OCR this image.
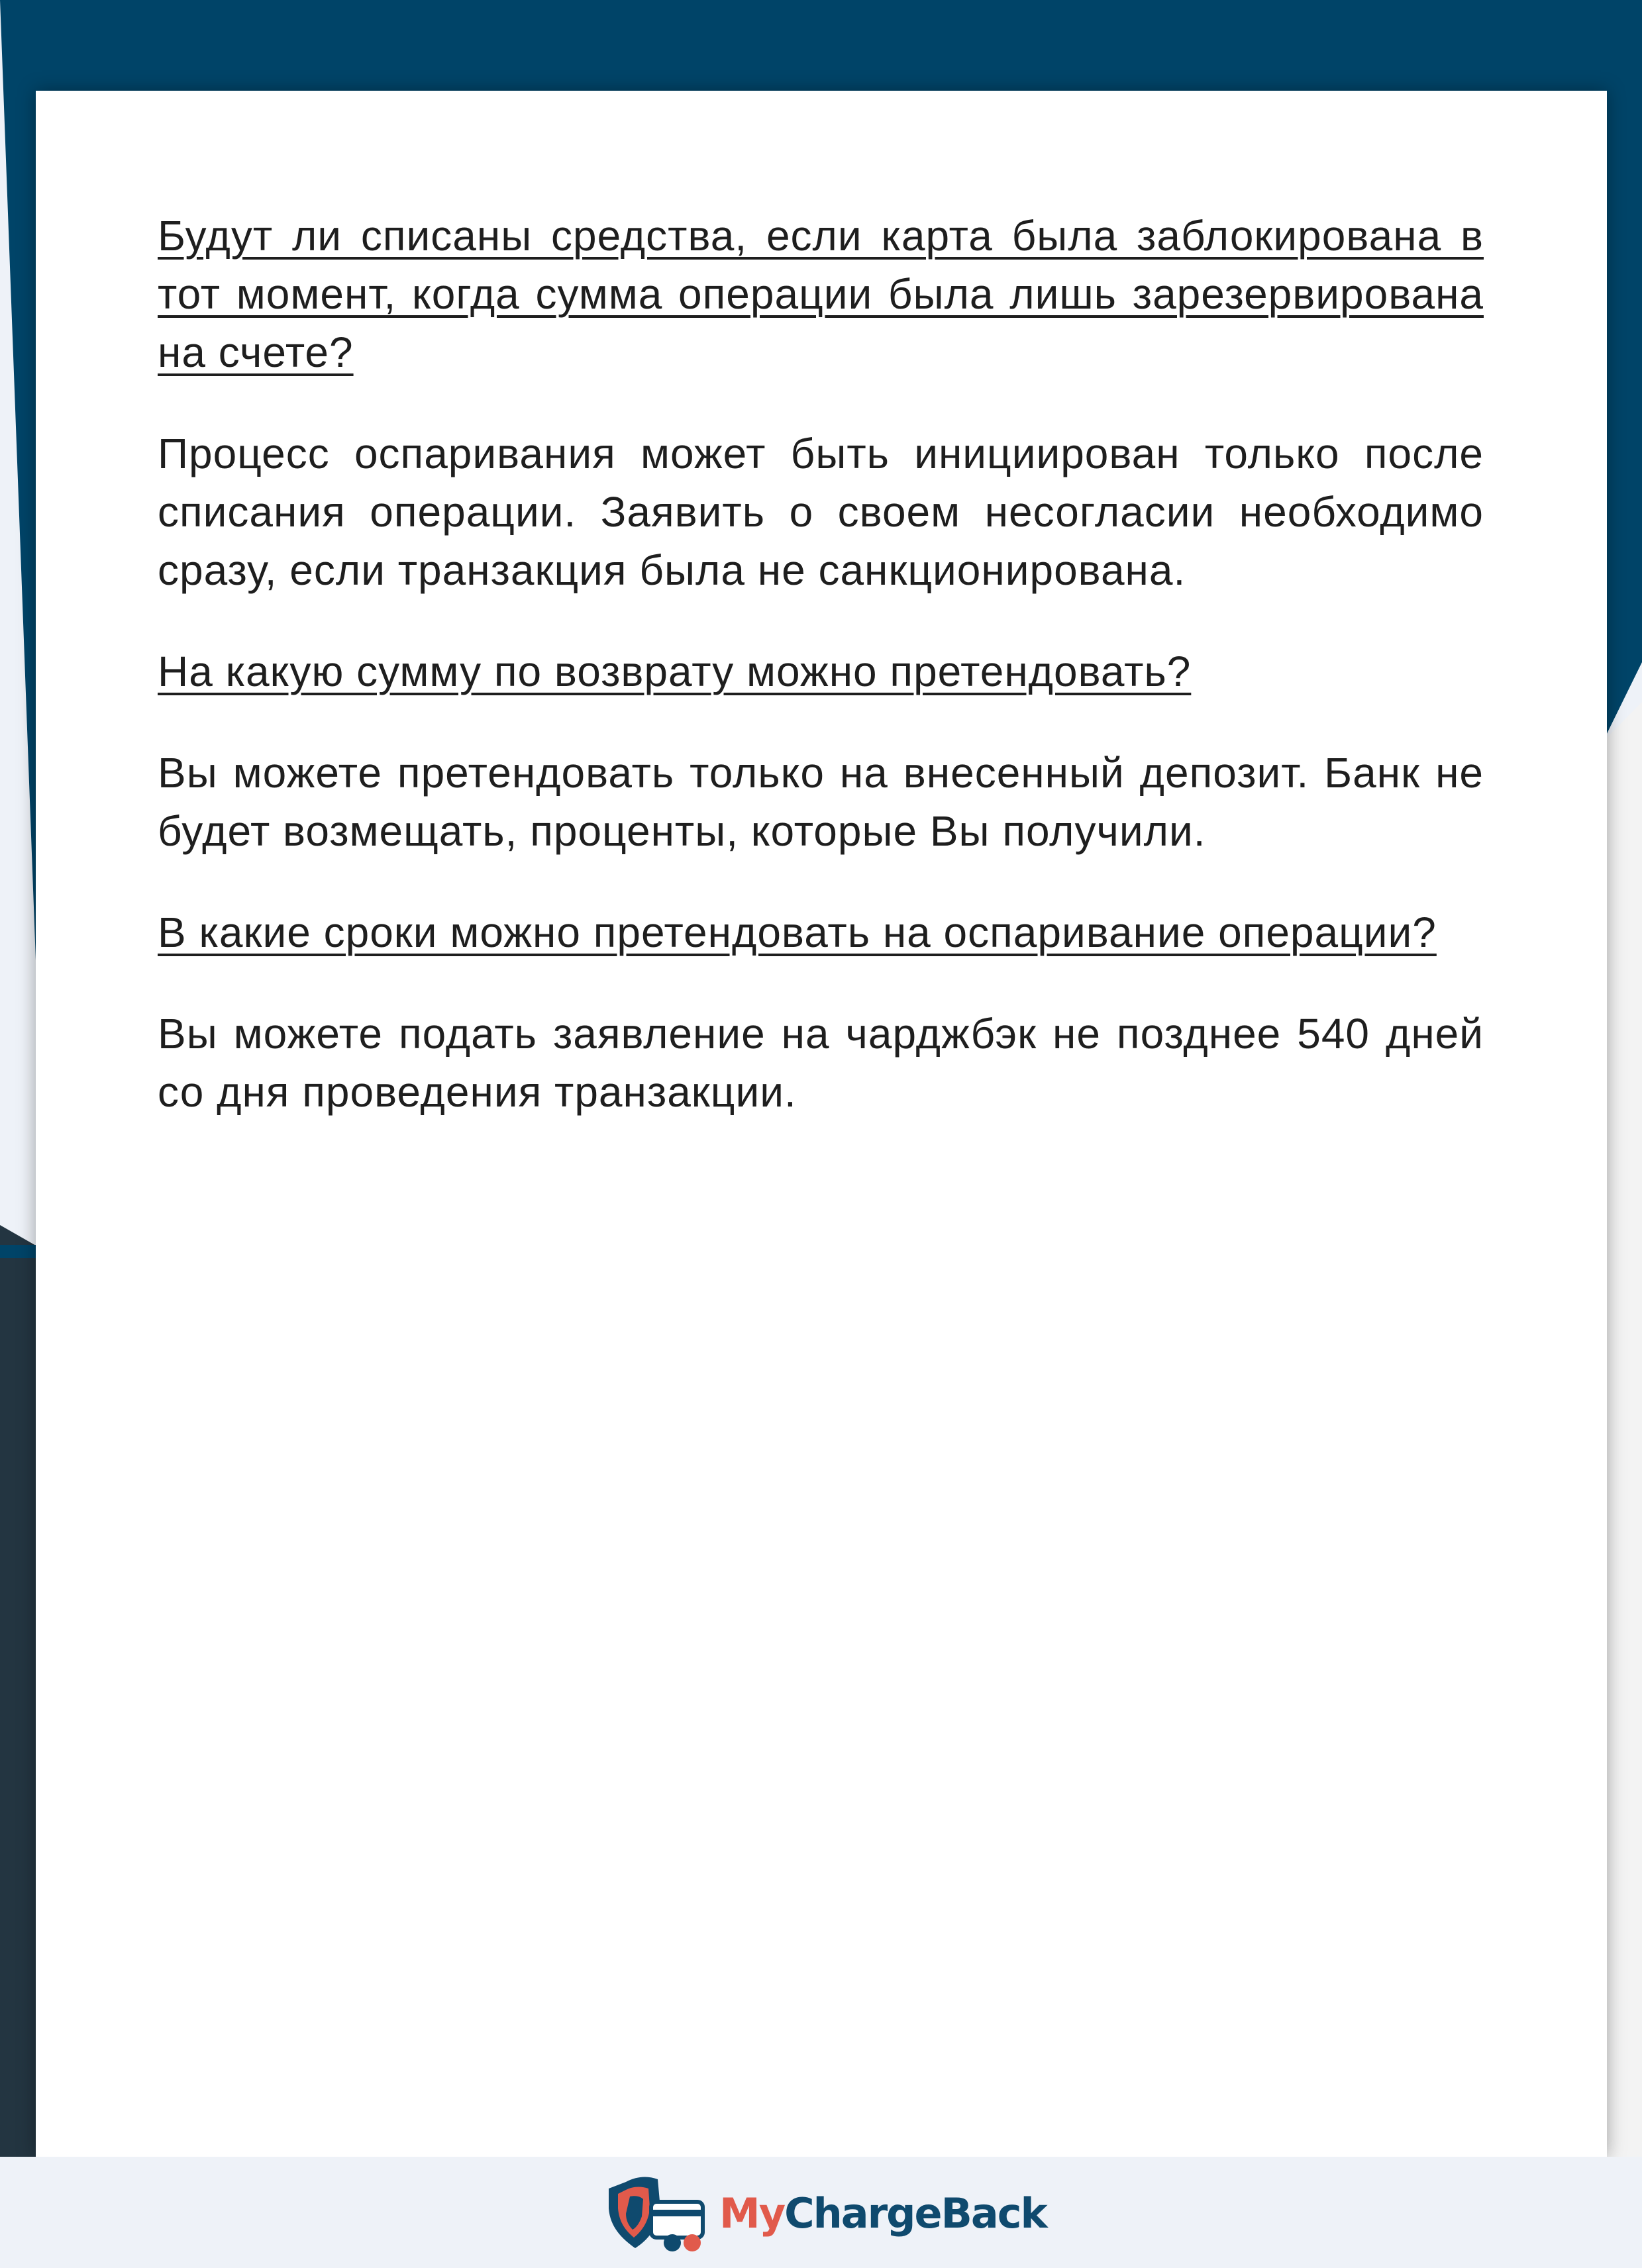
Будут ли списаны средства, если карта была заблокирована в тот момент, когда сумма операции была лишь зарезервирована на счете?

Процесс оспаривания может быть инициирован только после списания операции. Заявить о своем несогласии необходимо сразу, если транзакция была не санкционирована.

На какую сумму по возврату можно претендовать?

Вы можете претендовать только на внесенный депозит. Банк не будет возмещать, проценты, которые Вы получили.

В какие сроки можно претендовать на оспаривание операции?

Вы можете подать заявление на чарджбэк не позднее 540 дней со дня проведения транзакции.

MyChargeBack
